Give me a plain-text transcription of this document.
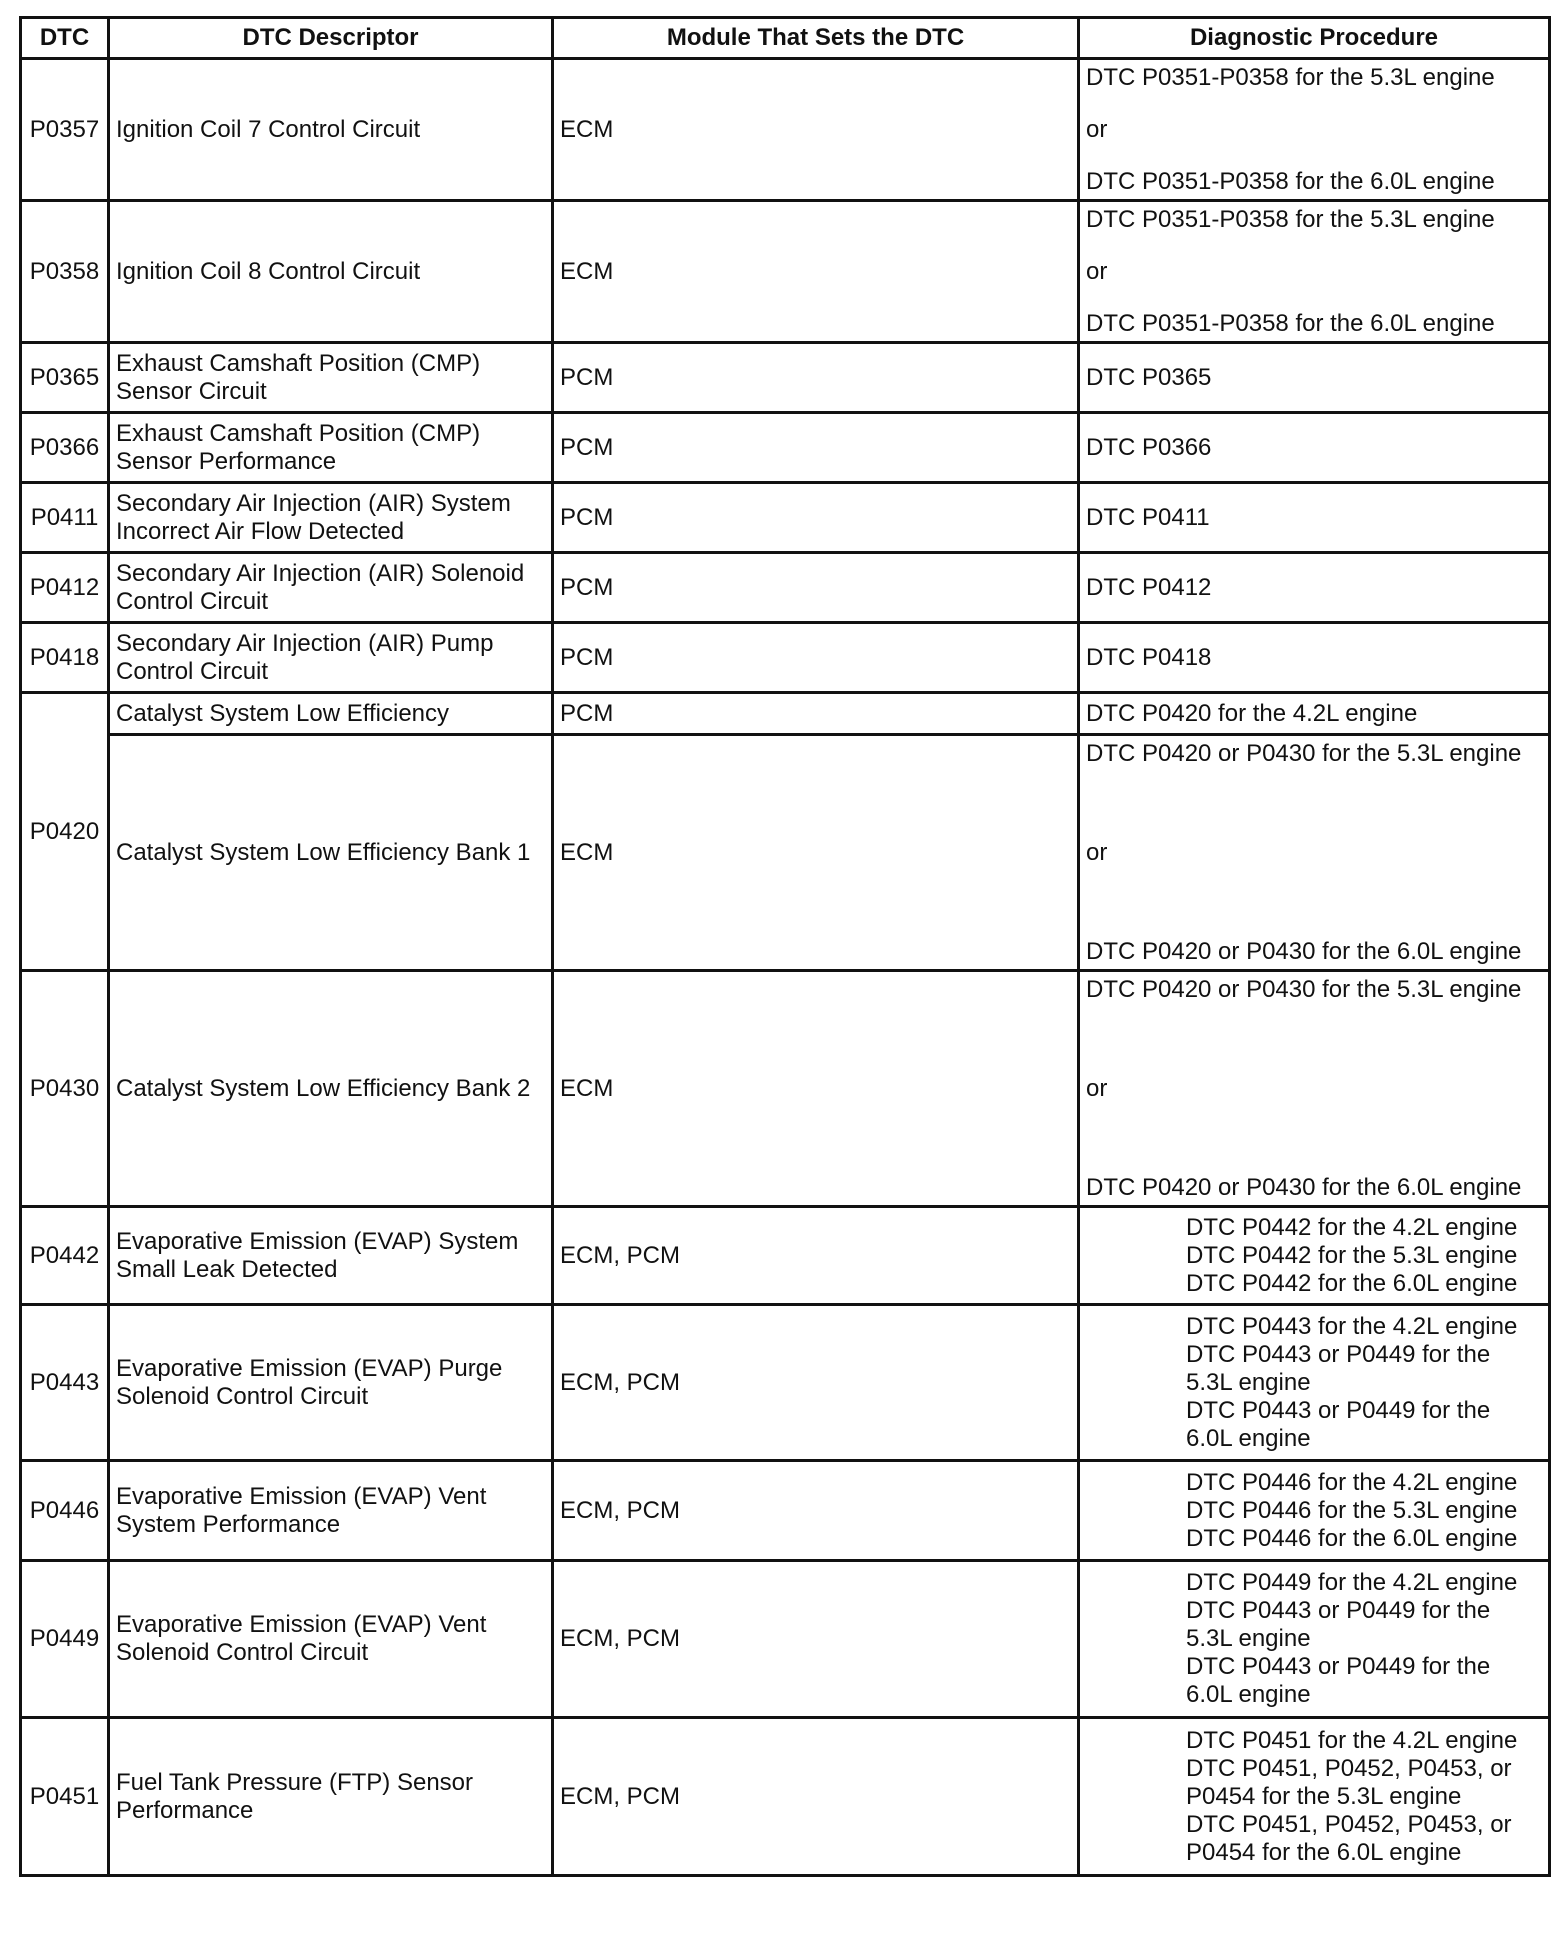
DTC	DTC Descriptor	Module That Sets the DTC	Diagnostic Procedure
P0357	Ignition Coil 7 Control Circuit	ECM	DTC P0351-P0358 for the 5.3L engine
or
DTC P0351-P0358 for the 6.0L engine

P0358	Ignition Coil 8 Control Circuit	ECM	DTC P0351-P0358 for the 5.3L engine
or
DTC P0351-P0358 for the 6.0L engine

P0365	Exhaust Camshaft Position (CMP) Sensor Circuit	PCM	DTC P0365
P0366	Exhaust Camshaft Position (CMP) Sensor Performance	PCM	DTC P0366
P0411	Secondary Air Injection (AIR) System Incorrect Air Flow Detected	PCM	DTC P0411
P0412	Secondary Air Injection (AIR) Solenoid Control Circuit	PCM	DTC P0412
P0418	Secondary Air Injection (AIR) Pump Control Circuit	PCM	DTC P0418
P0420	Catalyst System Low Efficiency	PCM	DTC P0420 for the 4.2L engine
	Catalyst System Low Efficiency Bank 1	ECM	DTC P0420 or P0430 for the 5.3L engine
or
DTC P0420 or P0430 for the 6.0L engine

P0430	Catalyst System Low Efficiency Bank 2	ECM	DTC P0420 or P0430 for the 5.3L engine
or
DTC P0420 or P0430 for the 6.0L engine

P0442	Evaporative Emission (EVAP) System Small Leak Detected	ECM, PCM	DTC P0442 for the 4.2L engine
DTC P0442 for the 5.3L engine
DTC P0442 for the 6.0L engine

P0443	Evaporative Emission (EVAP) Purge Solenoid Control Circuit	ECM, PCM	DTC P0443 for the 4.2L engine
DTC P0443 or P0449 for the 5.3L engine
DTC P0443 or P0449 for the 6.0L engine

P0446	Evaporative Emission (EVAP) Vent System Performance	ECM, PCM	DTC P0446 for the 4.2L engine
DTC P0446 for the 5.3L engine
DTC P0446 for the 6.0L engine

P0449	Evaporative Emission (EVAP) Vent Solenoid Control Circuit	ECM, PCM	DTC P0449 for the 4.2L engine
DTC P0443 or P0449 for the 5.3L engine
DTC P0443 or P0449 for the 6.0L engine

P0451	Fuel Tank Pressure (FTP) Sensor Performance	ECM, PCM	DTC P0451 for the 4.2L engine
DTC P0451, P0452, P0453, or P0454 for the 5.3L engine
DTC P0451, P0452, P0453, or P0454 for the 6.0L engine
